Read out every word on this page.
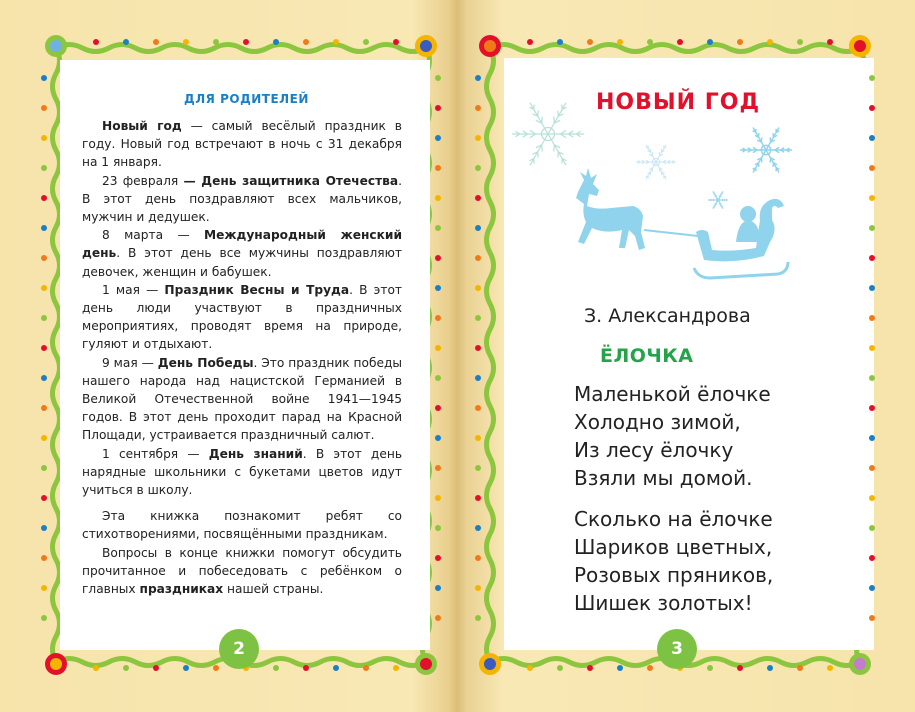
ДЛЯ РОДИТЕЛЕЙ

Новый год — самый весёлый праздник в году. Новый год встречают в ночь с 31 декабря на 1 января.

23 февраля — День защитника Отечества. В этот день поздравляют всех мальчиков, мужчин и дедушек.

8 марта — Международный женский день. В этот день все мужчины поздравляют девочек, женщин и бабушек.

1 мая — Праздник Весны и Труда. В этот день люди участвуют в праздничных мероприятиях, проводят время на природе, гуляют и отдыхают.

9 мая — День Победы. Это праздник победы нашего народа над нацистской Германией в Великой Отечественной войне 1941—1945 годов. В этот день проходит парад на Красной Площади, устраивается праздничный салют.

1 сентября — День знаний. В этот день нарядные школьники с букетами цветов идут учиться в школу.

Эта книжка познакомит ребят со стихотворениями, посвящёнными праздникам.

Вопросы в конце книжки помогут обсудить прочитанное и побеседовать с ребёнком о главных праздниках нашей страны.

2
НОВЫЙ ГОД
З. Александрова
ЁЛОЧКА
Маленькой ёлочке
Холодно зимой,
Из лесу ёлочку
Взяли мы домой.
Сколько на ёлочке
Шариков цветных,
Розовых пряников,
Шишек золотых!
3
